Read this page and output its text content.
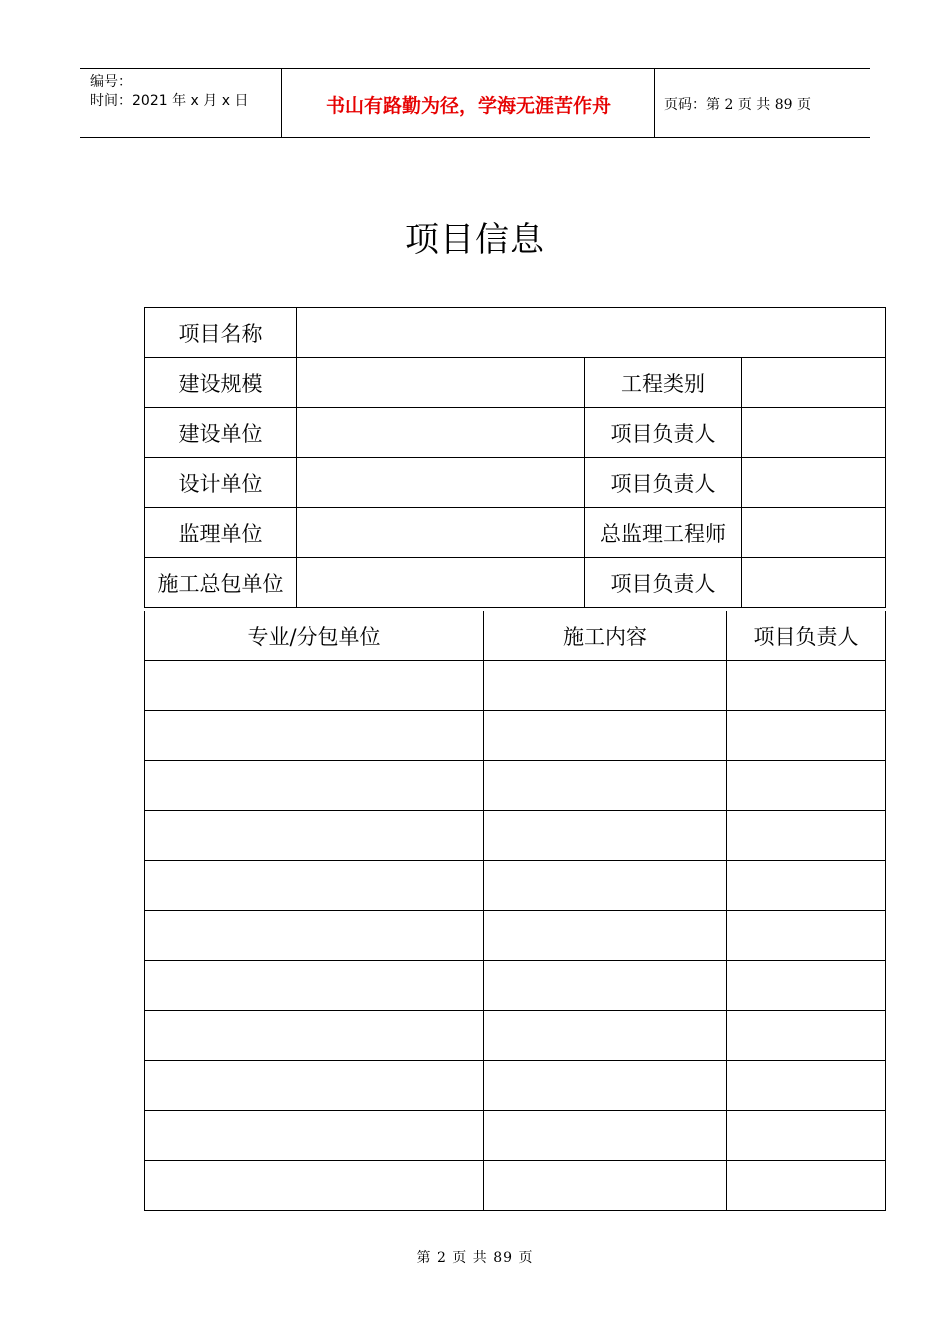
编号：
时间：2021 年 x 月 x 日	书山有路勤为径，学海无涯苦作舟	页码：第 2 页 共 89 页
项目信息
项目名称			
建设规模		工程类别	
建设单位		项目负责人	
设计单位		项目负责人	
监理单位		总监理工程师	
施工总包单位		项目负责人	
专业/分包单位	施工内容	项目负责人

第 2 页 共 89 页
